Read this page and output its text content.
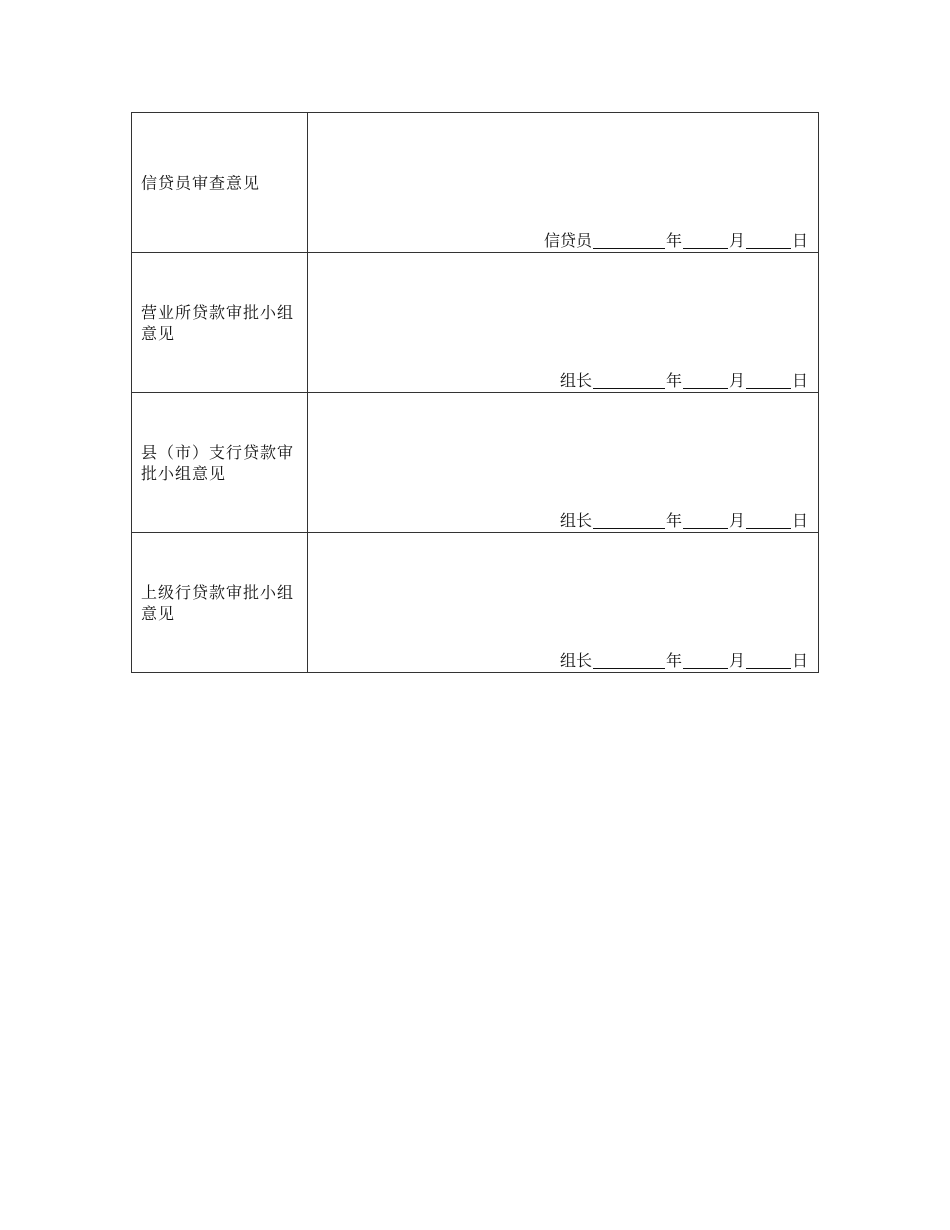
信贷员审查意见	信贷员 年 月 日

营业所贷款审批小组意见	组长 年 月 日

县（市）支行贷款审批小组意见	组长 年 月 日

上级行贷款审批小组意见	组长 年 月 日
